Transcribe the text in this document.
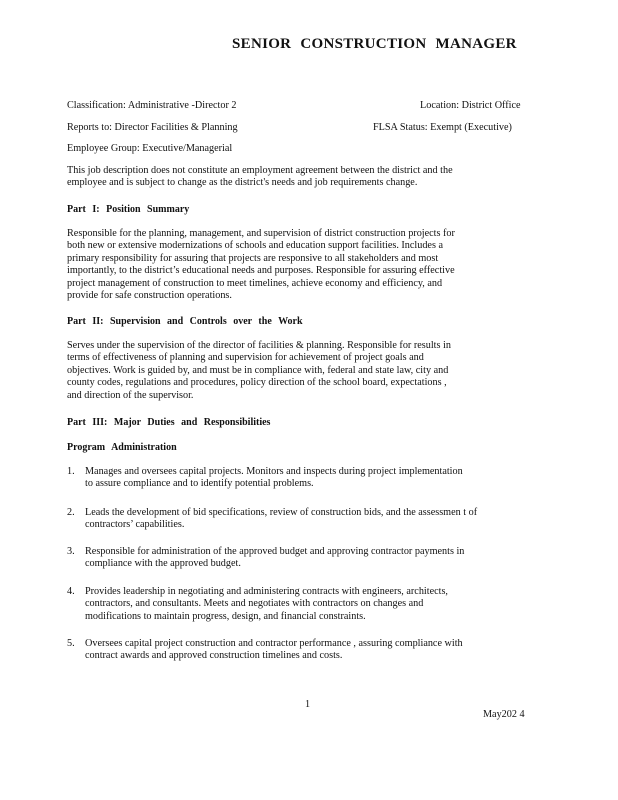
SENIOR CONSTRUCTION MANAGER
Classification: Administrative -Director 2	Location: District Office
Reports to: Director Facilities & Planning	FLSA Status: Exempt (Executive)
Employee Group: Executive/Managerial
This job description does not constitute an employment agreement between the district and the
employee and is subject to change as the district's needs and job requirements change.
Part I: Position Summary
Responsible for the planning, management, and supervision of district construction projects for
both new or extensive modernizations of schools and education support facilities. Includes a
primary responsibility for assuring that projects are responsive to all stakeholders and most
importantly, to the district’s educational needs and purposes. Responsible for assuring effective
project management of construction to meet timelines, achieve economy and efficiency, and
provide for safe construction operations.
Part II: Supervision and Controls over the Work
Serves under the supervision of the director of facilities & planning. Responsible for results in
terms of effectiveness of planning and supervision for achievement of project goals and
objectives. Work is guided by, and must be in compliance with, federal and state law, city and
county codes, regulations and procedures, policy direction of the school board, expectations ,
and direction of the supervisor.
Part III: Major Duties and Responsibilities
Program Administration
1. Manages and oversees capital projects. Monitors and inspects during project implementation
to assure compliance and to identify potential problems.
2. Leads the development of bid specifications, review of construction bids, and the assessmen t of
contractors’ capabilities.
3. Responsible for administration of the approved budget and approving contractor payments in
compliance with the approved budget.
4. Provides leadership in negotiating and administering contracts with engineers, architects,
contractors, and consultants. Meets and negotiates with contractors on changes and
modifications to maintain progress, design, and financial constraints.
5. Oversees capital project construction and contractor performance , assuring compliance with
contract awards and approved construction timelines and costs.
1
May202 4
